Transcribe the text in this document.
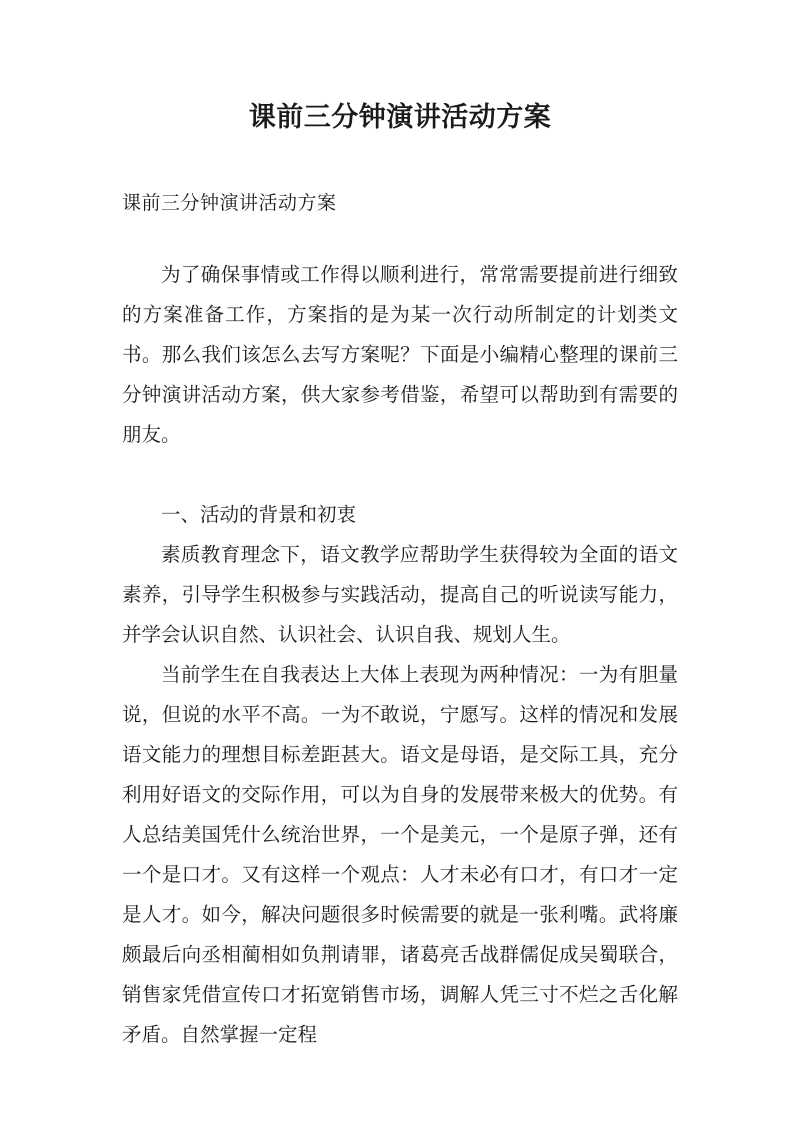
课前三分钟演讲活动方案

课前三分钟演讲活动方案

为了确保事情或工作得以顺利进行，常常需要提前进行细致的方案准备工作，方案指的是为某一次行动所制定的计划类文书。那么我们该怎么去写方案呢？下面是小编精心整理的课前三分钟演讲活动方案，供大家参考借鉴，希望可以帮助到有需要的朋友。

一、活动的背景和初衷

素质教育理念下，语文教学应帮助学生获得较为全面的语文素养，引导学生积极参与实践活动，提高自己的听说读写能力，并学会认识自然、认识社会、认识自我、规划人生。

当前学生在自我表达上大体上表现为两种情况：一为有胆量说，但说的水平不高。一为不敢说，宁愿写。这样的情况和发展语文能力的理想目标差距甚大。语文是母语，是交际工具，充分利用好语文的交际作用，可以为自身的发展带来极大的优势。有人总结美国凭什么统治世界，一个是美元，一个是原子弹，还有一个是口才。又有这样一个观点：人才未必有口才，有口才一定是人才。如今，解决问题很多时候需要的就是一张利嘴。武将廉颇最后向丞相蔺相如负荆请罪，诸葛亮舌战群儒促成吴蜀联合，销售家凭借宣传口才拓宽销售市场，调解人凭三寸不烂之舌化解矛盾。自然掌握一定程
